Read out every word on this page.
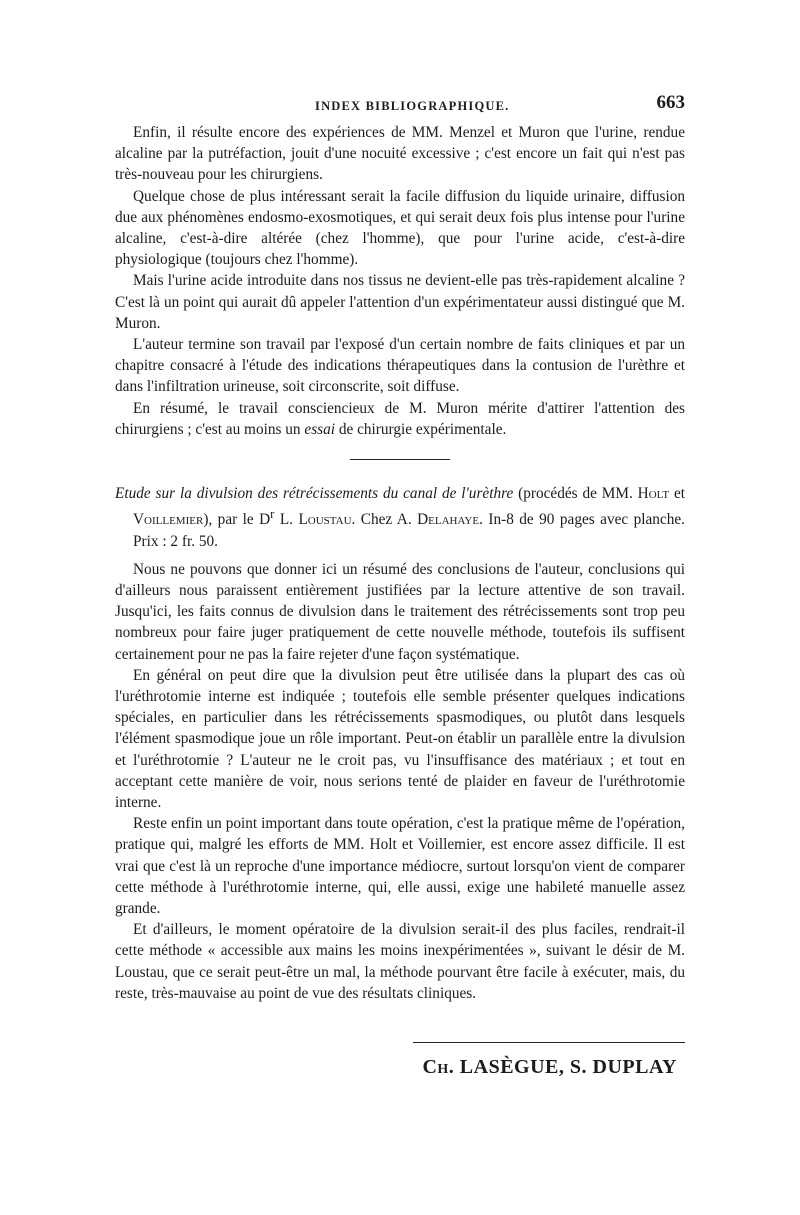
INDEX BIBLIOGRAPHIQUE.	663

Enfin, il résulte encore des expériences de MM. Menzel et Muron que l'urine, rendue alcaline par la putréfaction, jouit d'une nocuité excessive ; c'est encore un fait qui n'est pas très-nouveau pour les chirurgiens.

Quelque chose de plus intéressant serait la facile diffusion du liquide urinaire, diffusion due aux phénomènes endosmo-exosmotiques, et qui serait deux fois plus intense pour l'urine alcaline, c'est-à-dire altérée (chez l'homme), que pour l'urine acide, c'est-à-dire physiologique (toujours chez l'homme).

Mais l'urine acide introduite dans nos tissus ne devient-elle pas très-rapidement alcaline ? C'est là un point qui aurait dû appeler l'attention d'un expérimentateur aussi distingué que M. Muron.

L'auteur termine son travail par l'exposé d'un certain nombre de faits cliniques et par un chapitre consacré à l'étude des indications thérapeutiques dans la contusion de l'urèthre et dans l'infiltration urineuse, soit circonscrite, soit diffuse.

En résumé, le travail consciencieux de M. Muron mérite d'attirer l'attention des chirurgiens ; c'est au moins un essai de chirurgie expérimentale.

Etude sur la divulsion des rétrécissements du canal de l'urèthre (procédés de MM. Holt et Voillemier), par le $D^r$ L. Loustau. Chez A. Delahaye. In-8 de 90 pages avec planche. Prix : 2 fr. 50.

Nous ne pouvons que donner ici un résumé des conclusions de l'auteur, conclusions qui d'ailleurs nous paraissent entièrement justifiées par la lecture attentive de son travail. Jusqu'ici, les faits connus de divulsion dans le traitement des rétrécissements sont trop peu nombreux pour faire juger pratiquement de cette nouvelle méthode, toutefois ils suffisent certainement pour ne pas la faire rejeter d'une façon systématique.

En général on peut dire que la divulsion peut être utilisée dans la plupart des cas où l'uréthrotomie interne est indiquée ; toutefois elle semble présenter quelques indications spéciales, en particulier dans les rétrécissements spasmodiques, ou plutôt dans lesquels l'élément spasmodique joue un rôle important. Peut-on établir un parallèle entre la divulsion et l'uréthrotomie ? L'auteur ne le croit pas, vu l'insuffisance des matériaux ; et tout en acceptant cette manière de voir, nous serions tenté de plaider en faveur de l'uréthrotomie interne.

Reste enfin un point important dans toute opération, c'est la pratique même de l'opération, pratique qui, malgré les efforts de MM. Holt et Voillemier, est encore assez difficile. Il est vrai que c'est là un reproche d'une importance médiocre, surtout lorsqu'on vient de comparer cette méthode à l'uréthrotomie interne, qui, elle aussi, exige une habileté manuelle assez grande.

Et d'ailleurs, le moment opératoire de la divulsion serait-il des plus faciles, rendrait-il cette méthode « accessible aux mains les moins inexpérimentées », suivant le désir de M. Loustau, que ce serait peut-être un mal, la méthode pourvant être facile à exécuter, mais, du reste, très-mauvaise au point de vue des résultats cliniques.

Ch. LASÈGUE, S. DUPLAY
